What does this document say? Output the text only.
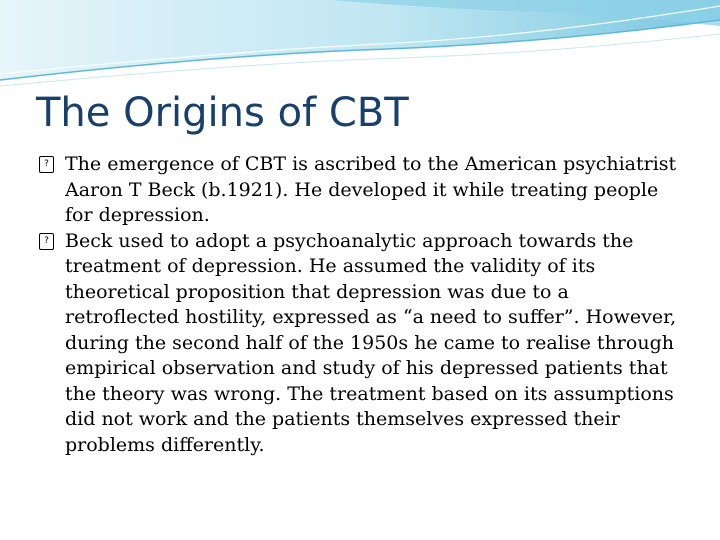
The Origins of CBT
? The emergence of CBT is ascribed to the American psychiatrist Aaron T Beck (b.1921). He developed it while treating people for depression.
? Beck used to adopt a psychoanalytic approach towards the treatment of depression. He assumed the validity of its theoretical proposition that depression was due to a retroflected hostility, expressed as “a need to suffer”. However, during the second half of the 1950s he came to realise through empirical observation and study of his depressed patients that the theory was wrong. The treatment based on its assumptions did not work and the patients themselves expressed their problems differently.
